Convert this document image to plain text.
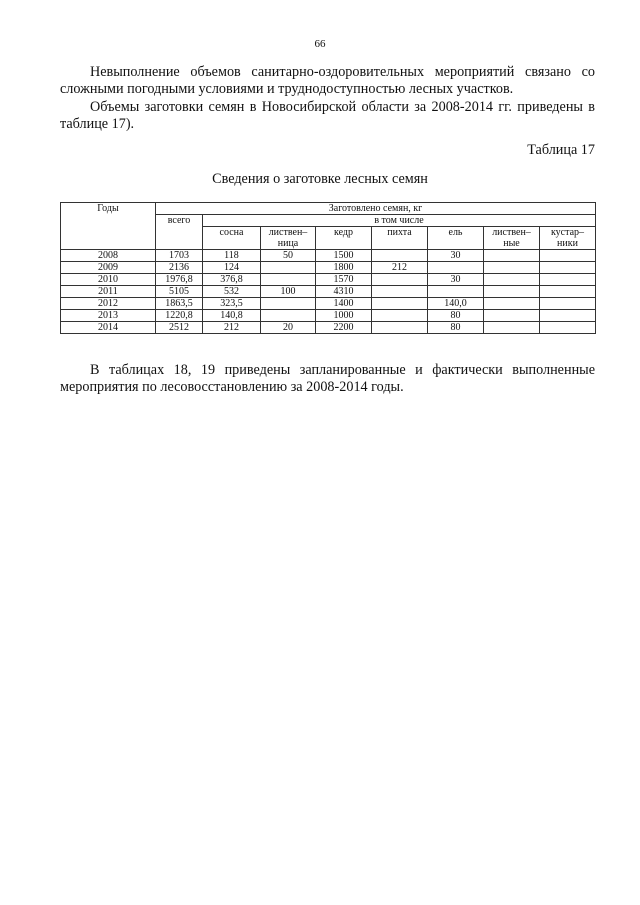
66

Невыполнение объемов санитарно-оздоровительных мероприятий связано со сложными погодными условиями и труднодоступностью лесных участков.

Объемы заготовки семян в Новосибирской области за 2008-2014 гг. приведены в таблице 17).

Таблица 17
Сведения о заготовке лесных семян
Годы	Заготовлено семян, кг							
	всего	в том числе						
		сосна	листвен–ница	кедр	пихта	ель	листвен–ные	кустар–ники
2008	1703	118	50	1500		30		
2009	2136	124		1800	212			
2010	1976,8	376,8		1570		30		
2011	5105	532	100	4310				
2012	1863,5	323,5		1400		140,0		
2013	1220,8	140,8		1000		80		
2014	2512	212	20	2200		80		

В таблицах 18, 19 приведены запланированные и фактически выполненные мероприятия по лесовосстановлению за 2008-2014 годы.
